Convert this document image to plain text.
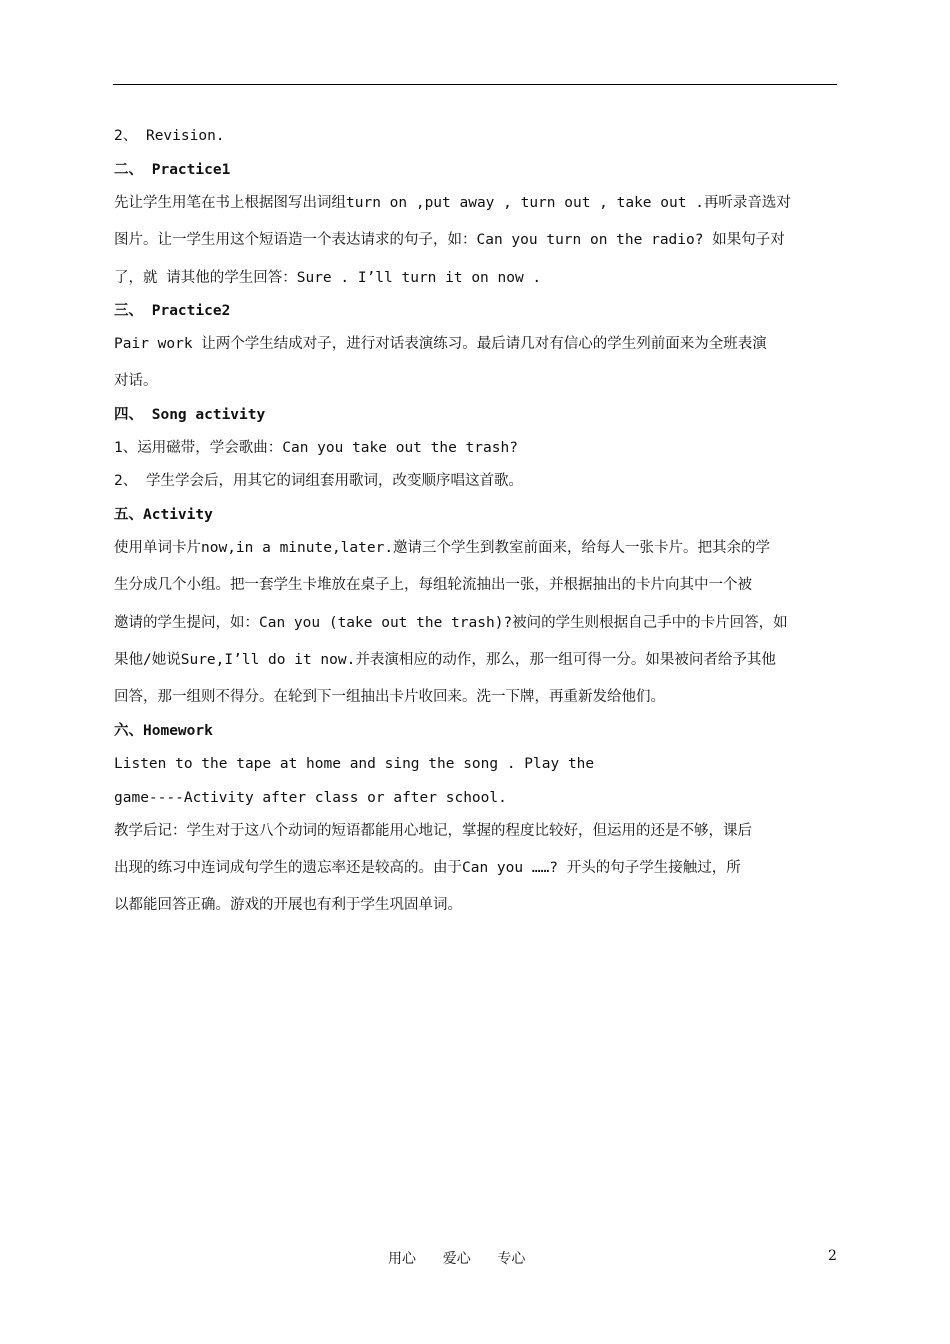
2、 Revision.
二、 Practice1
先让学生用笔在书上根据图写出词组turn on ,put away , turn out , take out .再听录音选对
图片。让一学生用这个短语造一个表达请求的句子，如：Can you turn on the radio? 如果句子对
了，就 请其他的学生回答：Sure . I’ll turn it on now .
三、 Practice2
Pair work 让两个学生结成对子，进行对话表演练习。最后请几对有信心的学生列前面来为全班表演
对话。
四、 Song activity
1、运用磁带，学会歌曲：Can you take out the trash?
2、 学生学会后，用其它的词组套用歌词，改变顺序唱这首歌。
五、Activity
使用单词卡片now,in a minute,later.邀请三个学生到教室前面来，给每人一张卡片。把其余的学
生分成几个小组。把一套学生卡堆放在桌子上，每组轮流抽出一张，并根据抽出的卡片向其中一个被
邀请的学生提问，如：Can you (take out the trash)?被问的学生则根据自己手中的卡片回答，如
果他/她说Sure,I’ll do it now.并表演相应的动作，那么，那一组可得一分。如果被问者给予其他
回答，那一组则不得分。在轮到下一组抽出卡片收回来。洗一下牌，再重新发给他们。
六、Homework
Listen to the tape at home and sing the song . Play the
game----Activity after class or after school.
教学后记：学生对于这八个动词的短语都能用心地记，掌握的程度比较好，但运用的还是不够，课后
出现的练习中连词成句学生的遗忘率还是较高的。由于Can you ……? 开头的句子学生接触过，所
以都能回答正确。游戏的开展也有利于学生巩固单词。
用心      爱心      专心	2
